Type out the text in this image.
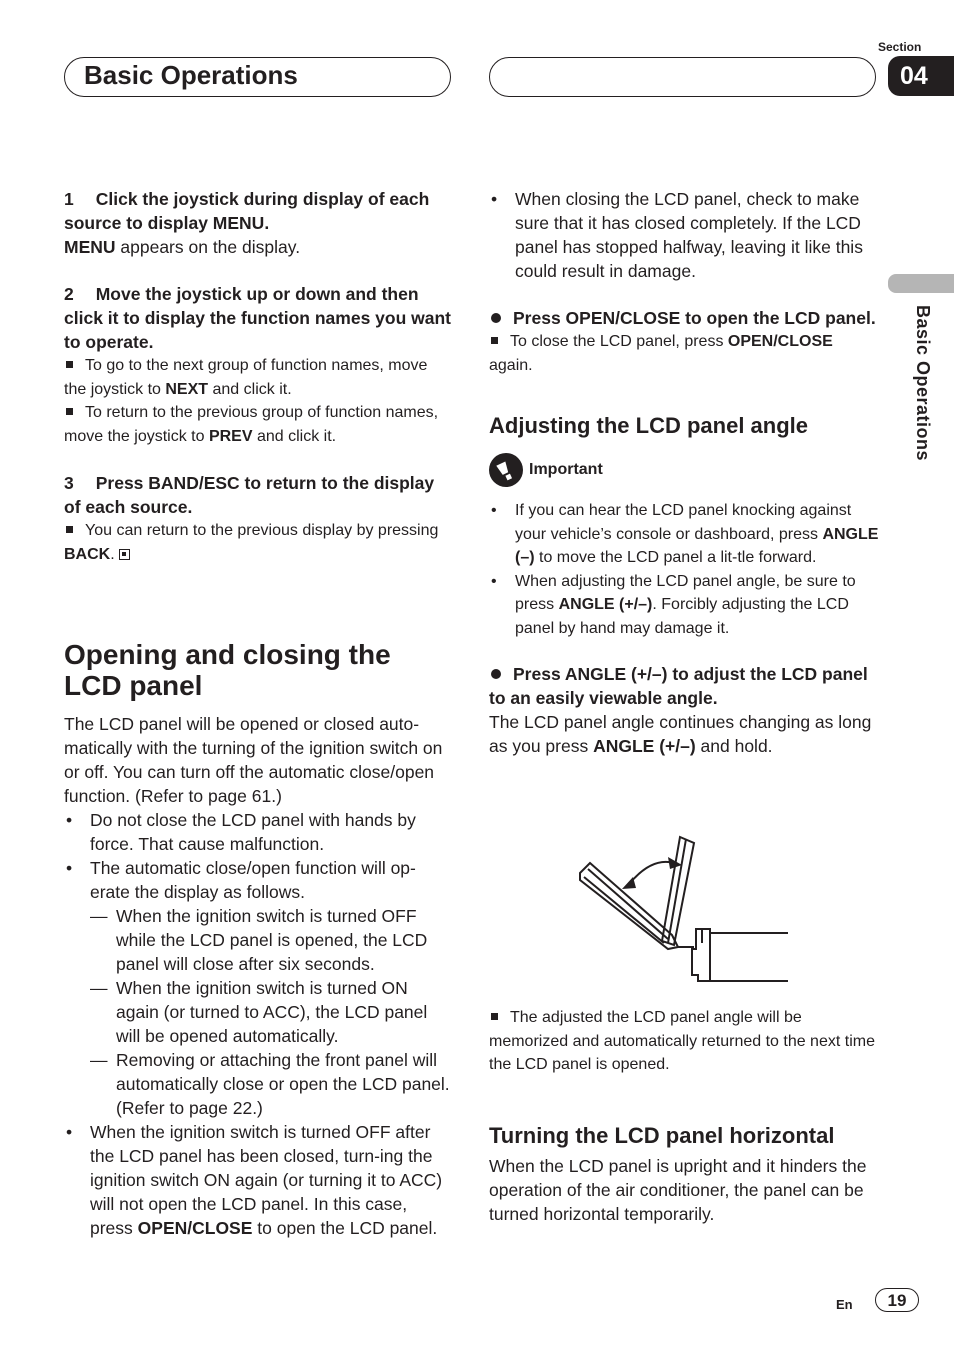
Basic Operations
Section
04
Basic Operations

1 Click the joystick during display of each source to display MENU.

MENU appears on the display.

2 Move the joystick up or down and then click it to display the function names you want to operate.

To go to the next group of function names, move the joystick to NEXT and click it.

To return to the previous group of function names, move the joystick to PREV and click it.

3 Press BAND/ESC to return to the display of each source.

You can return to the previous display by pressing BACK.

Opening and closing the LCD panel

The LCD panel will be opened or closed auto-matically with the turning of the ignition switch on or off. You can turn off the automatic close/open function. (Refer to page 61.)

• Do not close the LCD panel with hands by force. That cause malfunction.
• The automatic close/open function will op-erate the display as follows.
— When the ignition switch is turned OFF while the LCD panel is opened, the LCD panel will close after six seconds.
— When the ignition switch is turned ON again (or turned to ACC), the LCD panel will be opened automatically.
— Removing or attaching the front panel will automatically close or open the LCD panel. (Refer to page 22.)
• When the ignition switch is turned OFF after the LCD panel has been closed, turn-ing the ignition switch ON again (or turning it to ACC) will not open the LCD panel. In this case, press OPEN/CLOSE to open the LCD panel.
• When closing the LCD panel, check to make sure that it has closed completely. If the LCD panel has stopped halfway, leaving it like this could result in damage.

Press OPEN/CLOSE to open the LCD panel.

To close the LCD panel, press OPEN/CLOSE again.

Adjusting the LCD panel angle
Important
• If you can hear the LCD panel knocking against your vehicle’s console or dashboard, press ANGLE (–) to move the LCD panel a lit-tle forward.
• When adjusting the LCD panel angle, be sure to press ANGLE (+/–). Forcibly adjusting the LCD panel by hand may damage it.

Press ANGLE (+/–) to adjust the LCD panel to an easily viewable angle.

The LCD panel angle continues changing as long as you press ANGLE (+/–) and hold.

The adjusted the LCD panel angle will be memorized and automatically returned to the next time the LCD panel is opened.

Turning the LCD panel horizontal

When the LCD panel is upright and it hinders the operation of the air conditioner, the panel can be turned horizontal temporarily.

En	19
